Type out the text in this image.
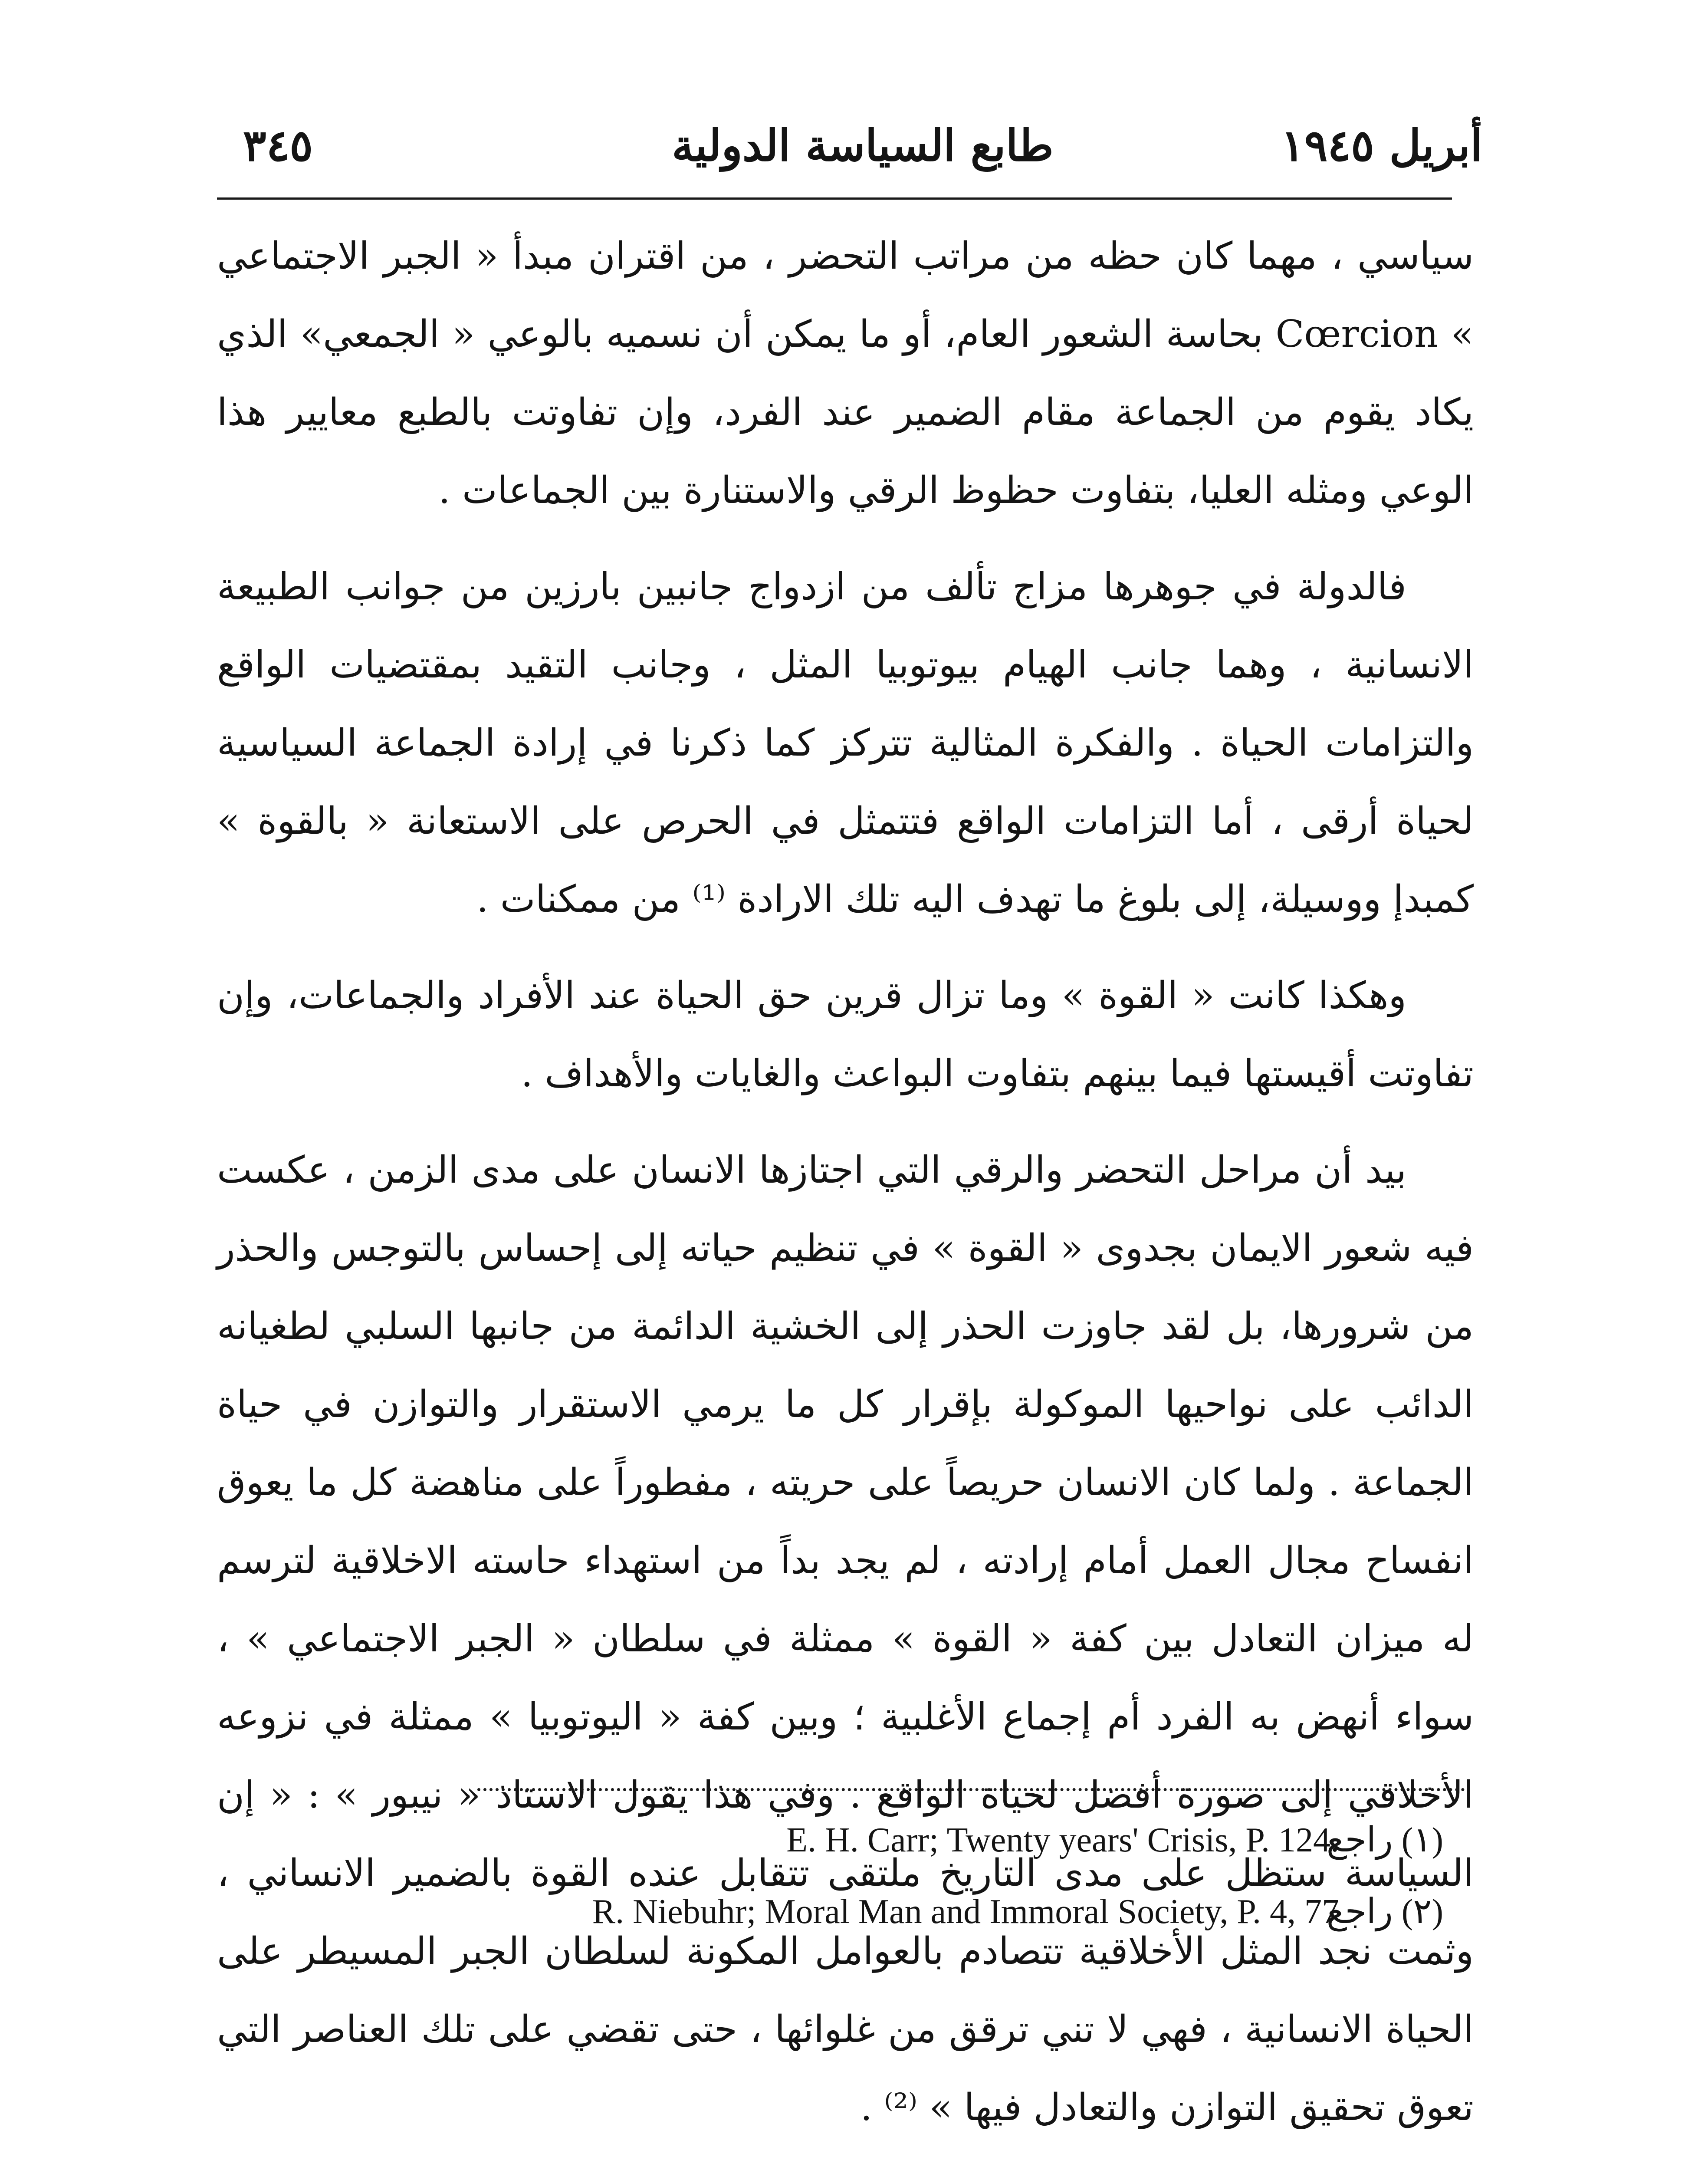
٣٤٥	طابع السياسة الدولية	أبريل ١٩٤٥

سياسي ، مهما كان حظه من مراتب التحضر ، من اقتران مبدأ « الجبر الاجتماعي » Cœrcion بحاسة الشعور العام، أو ما يمكن أن نسميه بالوعي « الجمعي» الذي يكاد يقوم من الجماعة مقام الضمير عند الفرد، وإن تفاوتت بالطبع معايير هذا الوعي ومثله العليا، بتفاوت حظوظ الرقي والاستنارة بين الجماعات .

فالدولة في جوهرها مزاج تألف من ازدواج جانبين بارزين من جوانب الطبيعة الانسانية ، وهما جانب الهيام بيوتوبيا المثل ، وجانب التقيد بمقتضيات الواقع والتزامات الحياة . والفكرة المثالية تتركز كما ذكرنا في إرادة الجماعة السياسية لحياة أرقى ، أما التزامات الواقع فتتمثل في الحرص على الاستعانة « بالقوة » كمبدإ ووسيلة، إلى بلوغ ما تهدف اليه تلك الارادة ⁽¹⁾ من ممكنات .

وهكذا كانت « القوة » وما تزال قرين حق الحياة عند الأفراد والجماعات، وإن تفاوتت أقيستها فيما بينهم بتفاوت البواعث والغايات والأهداف .

بيد أن مراحل التحضر والرقي التي اجتازها الانسان على مدى الزمن ، عكست فيه شعور الايمان بجدوى « القوة » في تنظيم حياته إلى إحساس بالتوجس والحذر من شرورها، بل لقد جاوزت الحذر إلى الخشية الدائمة من جانبها السلبي لطغيانه الدائب على نواحيها الموكولة بإقرار كل ما يرمي الاستقرار والتوازن في حياة الجماعة . ولما كان الانسان حريصاً على حريته ، مفطوراً على مناهضة كل ما يعوق انفساح مجال العمل أمام إرادته ، لم يجد بداً من استهداء حاسته الاخلاقية لترسم له ميزان التعادل بين كفة « القوة » ممثلة في سلطان « الجبر الاجتماعي » ، سواء أنهض به الفرد أم إجماع الأغلبية ؛ وبين كفة « اليوتوبيا » ممثلة في نزوعه الأخلاقي إلى صورة أفضل لحياة الواقع . وفي هذا يقول الاستاذ « نيبور » : « إن السياسة ستظل على مدى التاريخ ملتقى تتقابل عنده القوة بالضمير الانساني ، وثمت نجد المثل الأخلاقية تتصادم بالعوامل المكونة لسلطان الجبر المسيطر على الحياة الانسانية ، فهي لا تني ترقق من غلوائها ، حتى تقضي على تلك العناصر التي تعوق تحقيق التوازن والتعادل فيها » ⁽²⁾ .

(١) راجع
E. H. Carr; Twenty years' Crisis, P. 124.
(٢) راجع
R. Niebuhr; Moral Man and Immoral Society, P. 4, 77
